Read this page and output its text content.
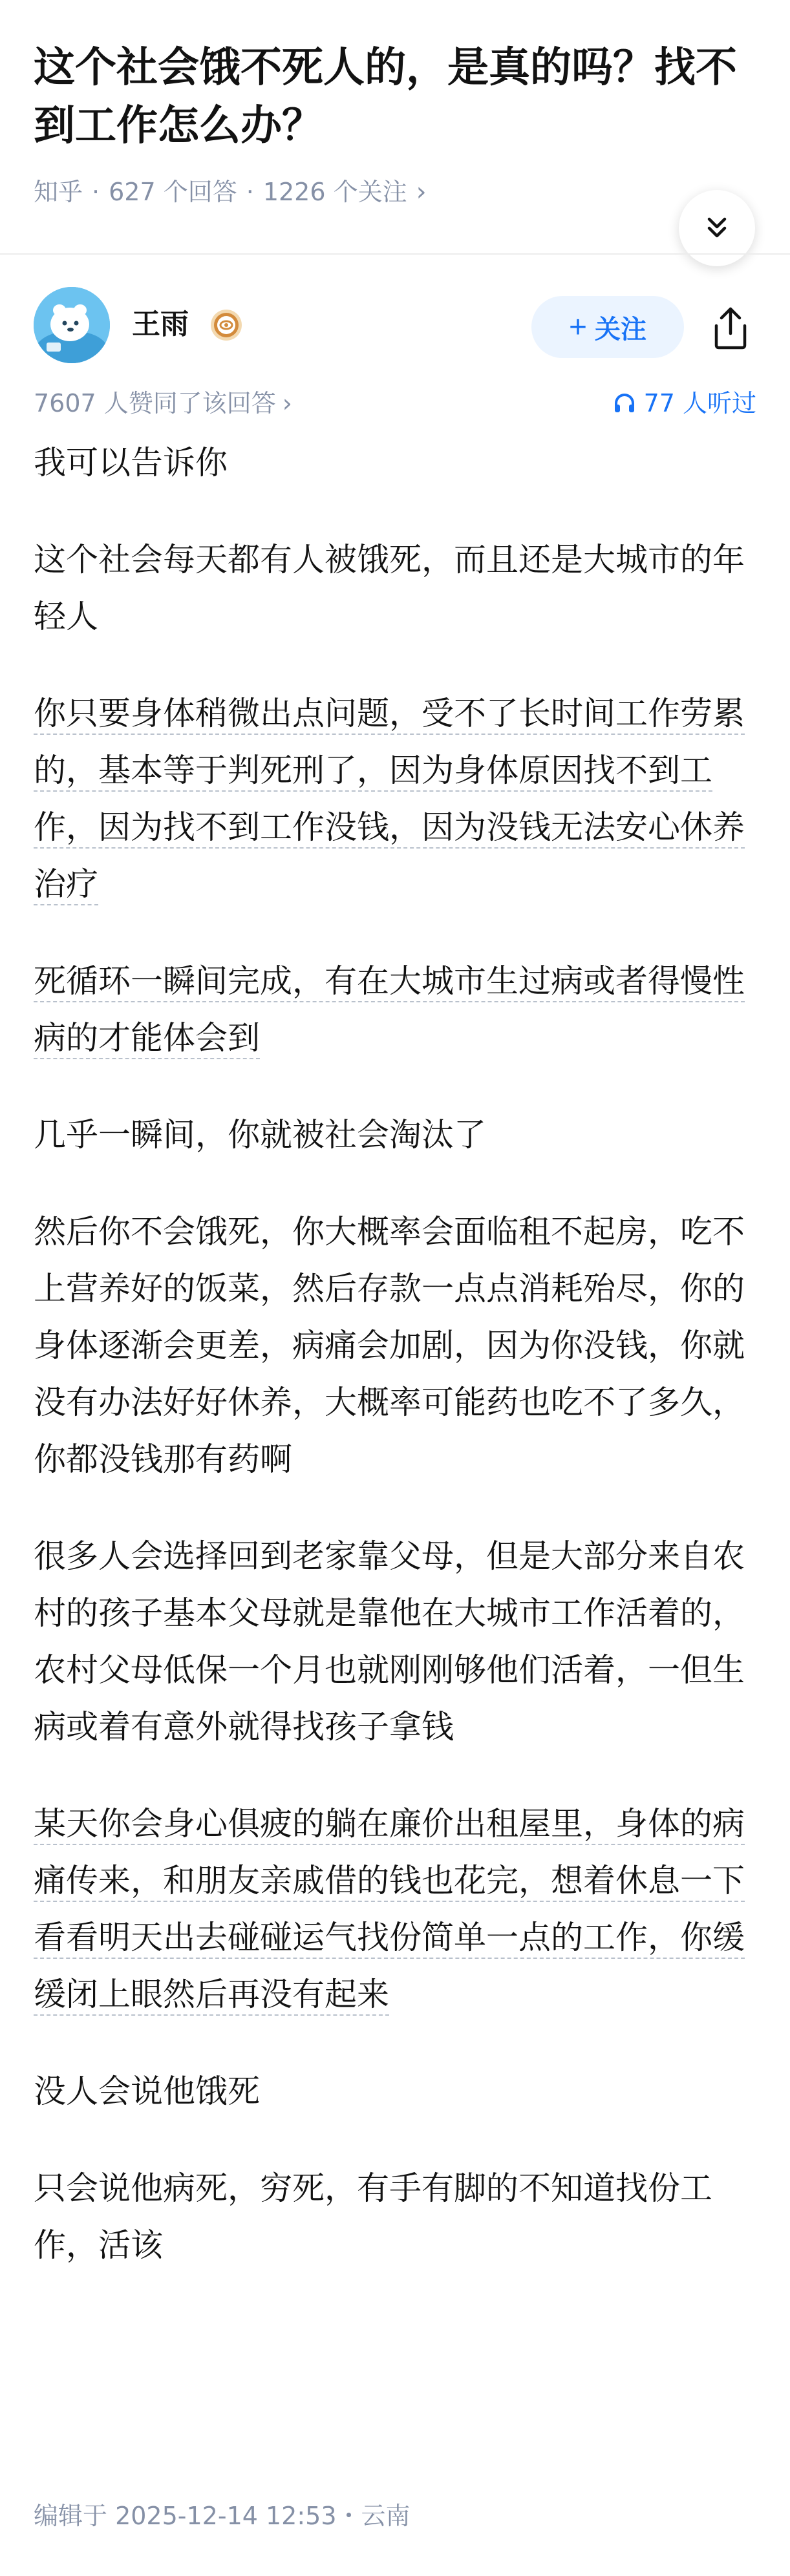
这个社会饿不死人的，是真的吗？找不到工作怎么办？
知乎 · 627 个回答 · 1226 个关注 ›
王雨	+ 关注
7607 人赞同了该回答 ›	77 人听过

我可以告诉你

这个社会每天都有人被饿死，而且还是大城市的年轻人

你只要身体稍微出点问题，受不了长时间工作劳累的，基本等于判死刑了，因为身体原因找不到工作，因为找不到工作没钱，因为没钱无法安心休养治疗

死循环一瞬间完成，有在大城市生过病或者得慢性病的才能体会到

几乎一瞬间，你就被社会淘汰了

然后你不会饿死，你大概率会面临租不起房，吃不上营养好的饭菜，然后存款一点点消耗殆尽，你的身体逐渐会更差，病痛会加剧，因为你没钱，你就没有办法好好休养，大概率可能药也吃不了多久，你都没钱那有药啊

很多人会选择回到老家靠父母，但是大部分来自农村的孩子基本父母就是靠他在大城市工作活着的，农村父母低保一个月也就刚刚够他们活着，一但生病或着有意外就得找孩子拿钱

某天你会身心俱疲的躺在廉价出租屋里，身体的病痛传来，和朋友亲戚借的钱也花完，想着休息一下看看明天出去碰碰运气找份简单一点的工作，你缓缓闭上眼然后再没有起来

没人会说他饿死

只会说他病死，穷死，有手有脚的不知道找份工作，活该

编辑于 2025-12-14 12:53・云南
